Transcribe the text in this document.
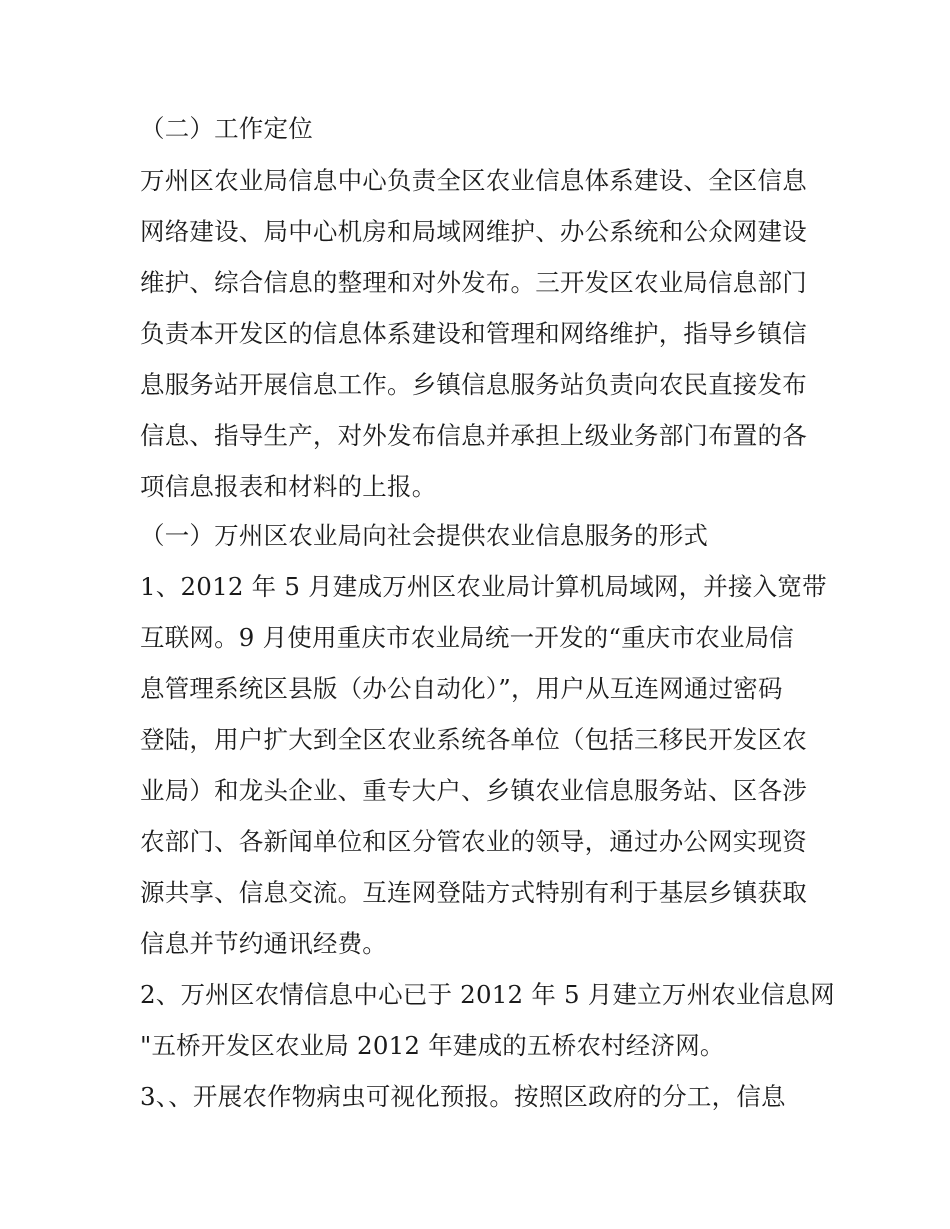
（二）工作定位
万州区农业局信息中心负责全区农业信息体系建设、全区信息
网络建设、局中心机房和局域网维护、办公系统和公众网建设
维护、综合信息的整理和对外发布。三开发区农业局信息部门
负责本开发区的信息体系建设和管理和网络维护，指导乡镇信
息服务站开展信息工作。乡镇信息服务站负责向农民直接发布
信息、指导生产，对外发布信息并承担上级业务部门布置的各
项信息报表和材料的上报。
（一）万州区农业局向社会提供农业信息服务的形式
1、2012 年 5 月建成万州区农业局计算机局域网，并接入宽带
互联网。9 月使用重庆市农业局统一开发的“重庆市农业局信
息管理系统区县版（办公自动化）”，用户从互连网通过密码
登陆，用户扩大到全区农业系统各单位（包括三移民开发区农
业局）和龙头企业、重专大户、乡镇农业信息服务站、区各涉
农部门、各新闻单位和区分管农业的领导，通过办公网实现资
源共享、信息交流。互连网登陆方式特别有利于基层乡镇获取
信息并节约通讯经费。
2、万州区农情信息中心已于 2012 年 5 月建立万州农业信息网
"五桥开发区农业局 2012 年建成的五桥农村经济网。
3、、开展农作物病虫可视化预报。按照区政府的分工，信息
